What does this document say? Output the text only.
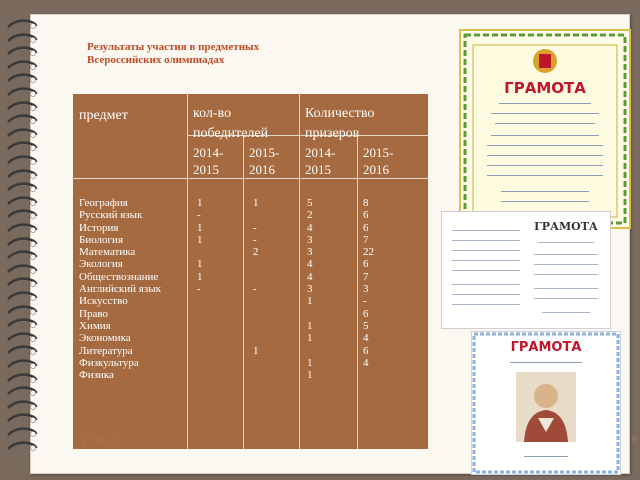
Результаты участия в предметных
Всероссийских олимпиадах
предмет	кол-во победителей
Количество призеров
2014-2015
2015-2016
2014-2015
2015-2016
География
Русский язык
История
Биология
Математика
Экология
Обществознание
Английский язык
Искусство
Право
Химия
Экономика
Литература
Физкультура
Физика
1
-
1
1
1
1
-
1
-
-
2
-
1
5
2
4
3
3
4
4
3
1
1
1
1
1
8
6
6
7
22
6
7
3
-
6
5
4
6
4
27.01.17	9
ГРАМОТА
ГРАМОТА
ГРАМОТА
